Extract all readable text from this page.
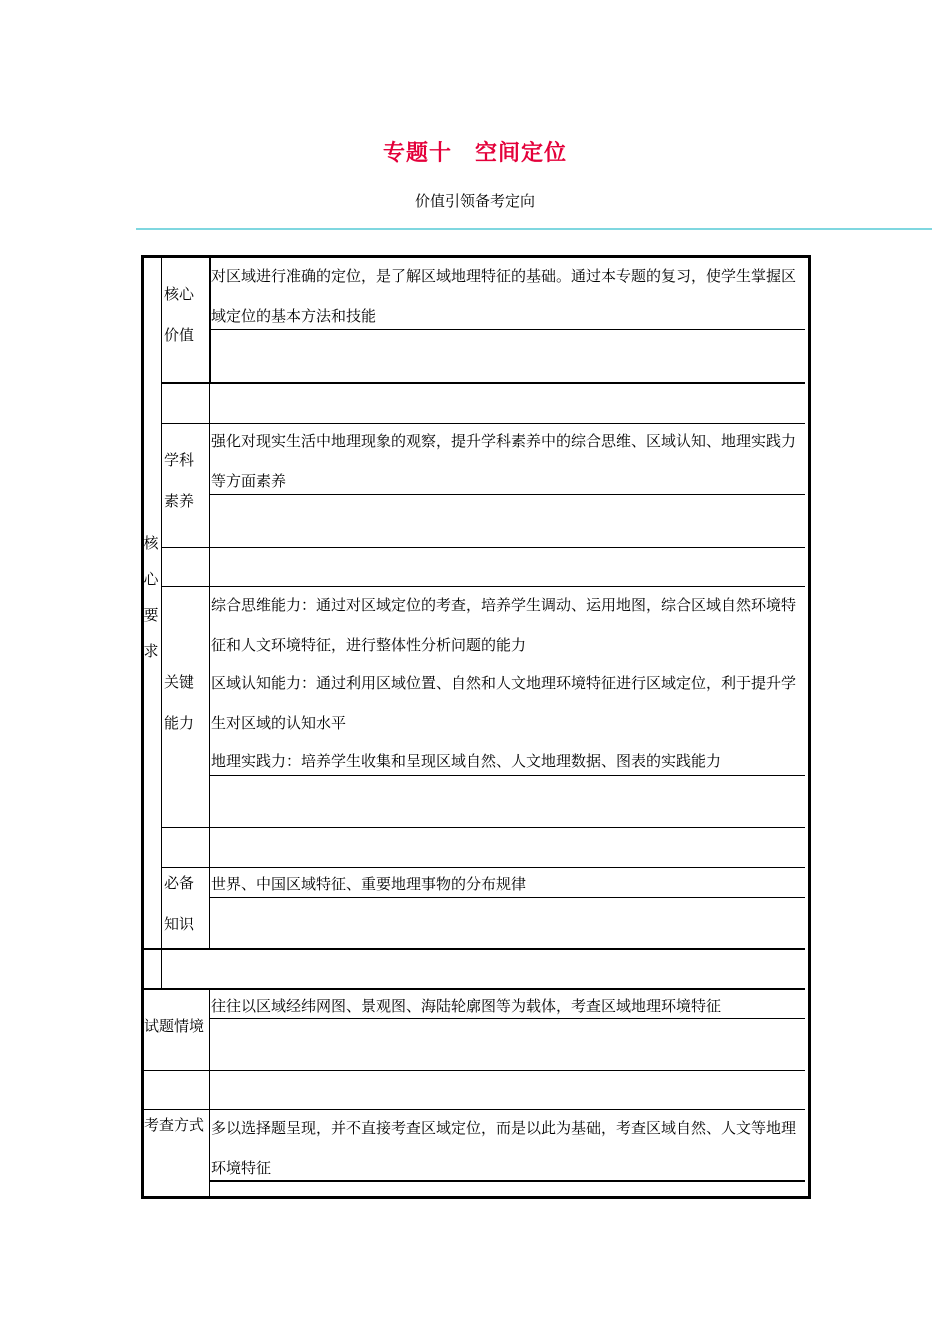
专题十　空间定位
价值引领备考定向
核心要求
核心
价值
对区域进行准确的定位，是了解区域地理特征的基础。通过本专题的复习，使学生掌握区域定位的基本方法和技能
学科
素养
强化对现实生活中地理现象的观察，提升学科素养中的综合思维、区域认知、地理实践力等方面素养
关键
能力
综合思维能力：通过对区域定位的考查，培养学生调动、运用地图，综合区域自然环境特征和人文环境特征，进行整体性分析问题的能力
区域认知能力：通过利用区域位置、自然和人文地理环境特征进行区域定位，利于提升学生对区域的认知水平
地理实践力：培养学生收集和呈现区域自然、人文地理数据、图表的实践能力
必备
知识
世界、中国区域特征、重要地理事物的分布规律
试题情境
往往以区域经纬网图、景观图、海陆轮廓图等为载体，考查区域地理环境特征
考查方式 多以选择题呈现，并不直接考查区域定位，而是以此为基础，考查区域自然、人文等地理环境特征
